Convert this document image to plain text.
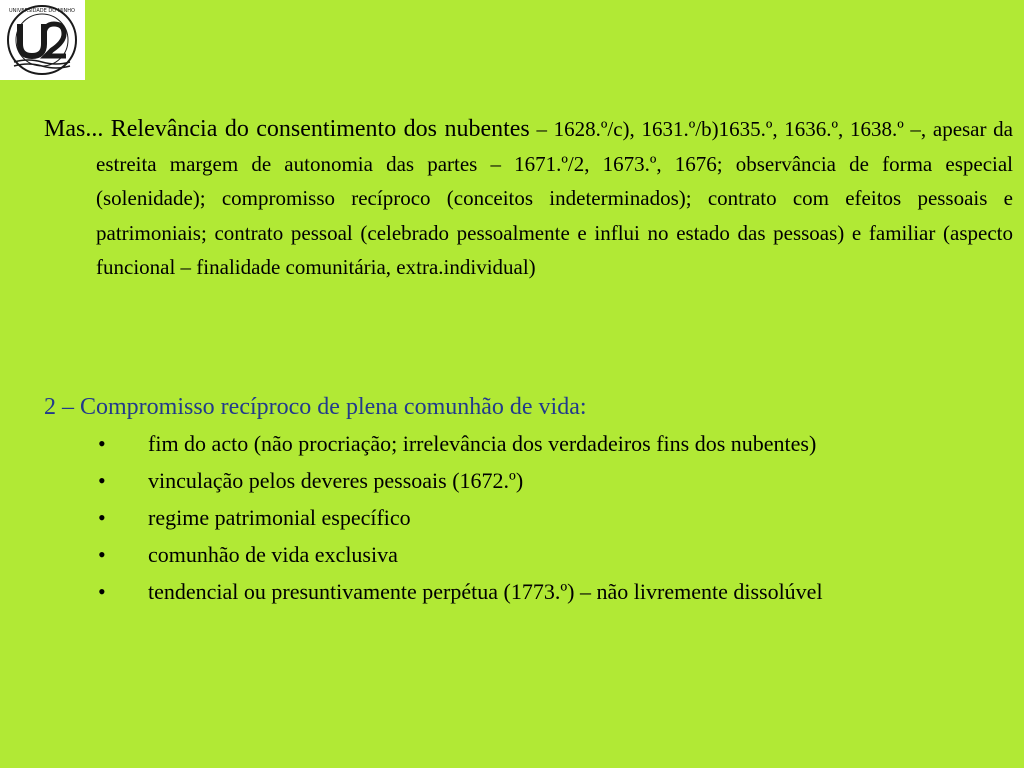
UNIVERSIDADE DO MINHO

Mas... Relevância do consentimento dos nubentes – 1628.º/c), 1631.º/b)1635.º, 1636.º, 1638.º –, apesar da estreita margem de autonomia das partes – 1671.º/2, 1673.º, 1676; observância de forma especial (solenidade); compromisso recíproco (conceitos indeterminados); contrato com efeitos pessoais e patrimoniais; contrato pessoal (celebrado pessoalmente e influi no estado das pessoas) e familiar (aspecto funcional – finalidade comunitária, extra.individual)

2 – Compromisso recíproco de plena comunhão de vida:
• fim do acto (não procriação; irrelevância dos verdadeiros fins dos nubentes)
• vinculação pelos deveres pessoais (1672.º)
• regime patrimonial específico
• comunhão de vida exclusiva
• tendencial ou presuntivamente perpétua (1773.º) – não livremente dissolúvel
